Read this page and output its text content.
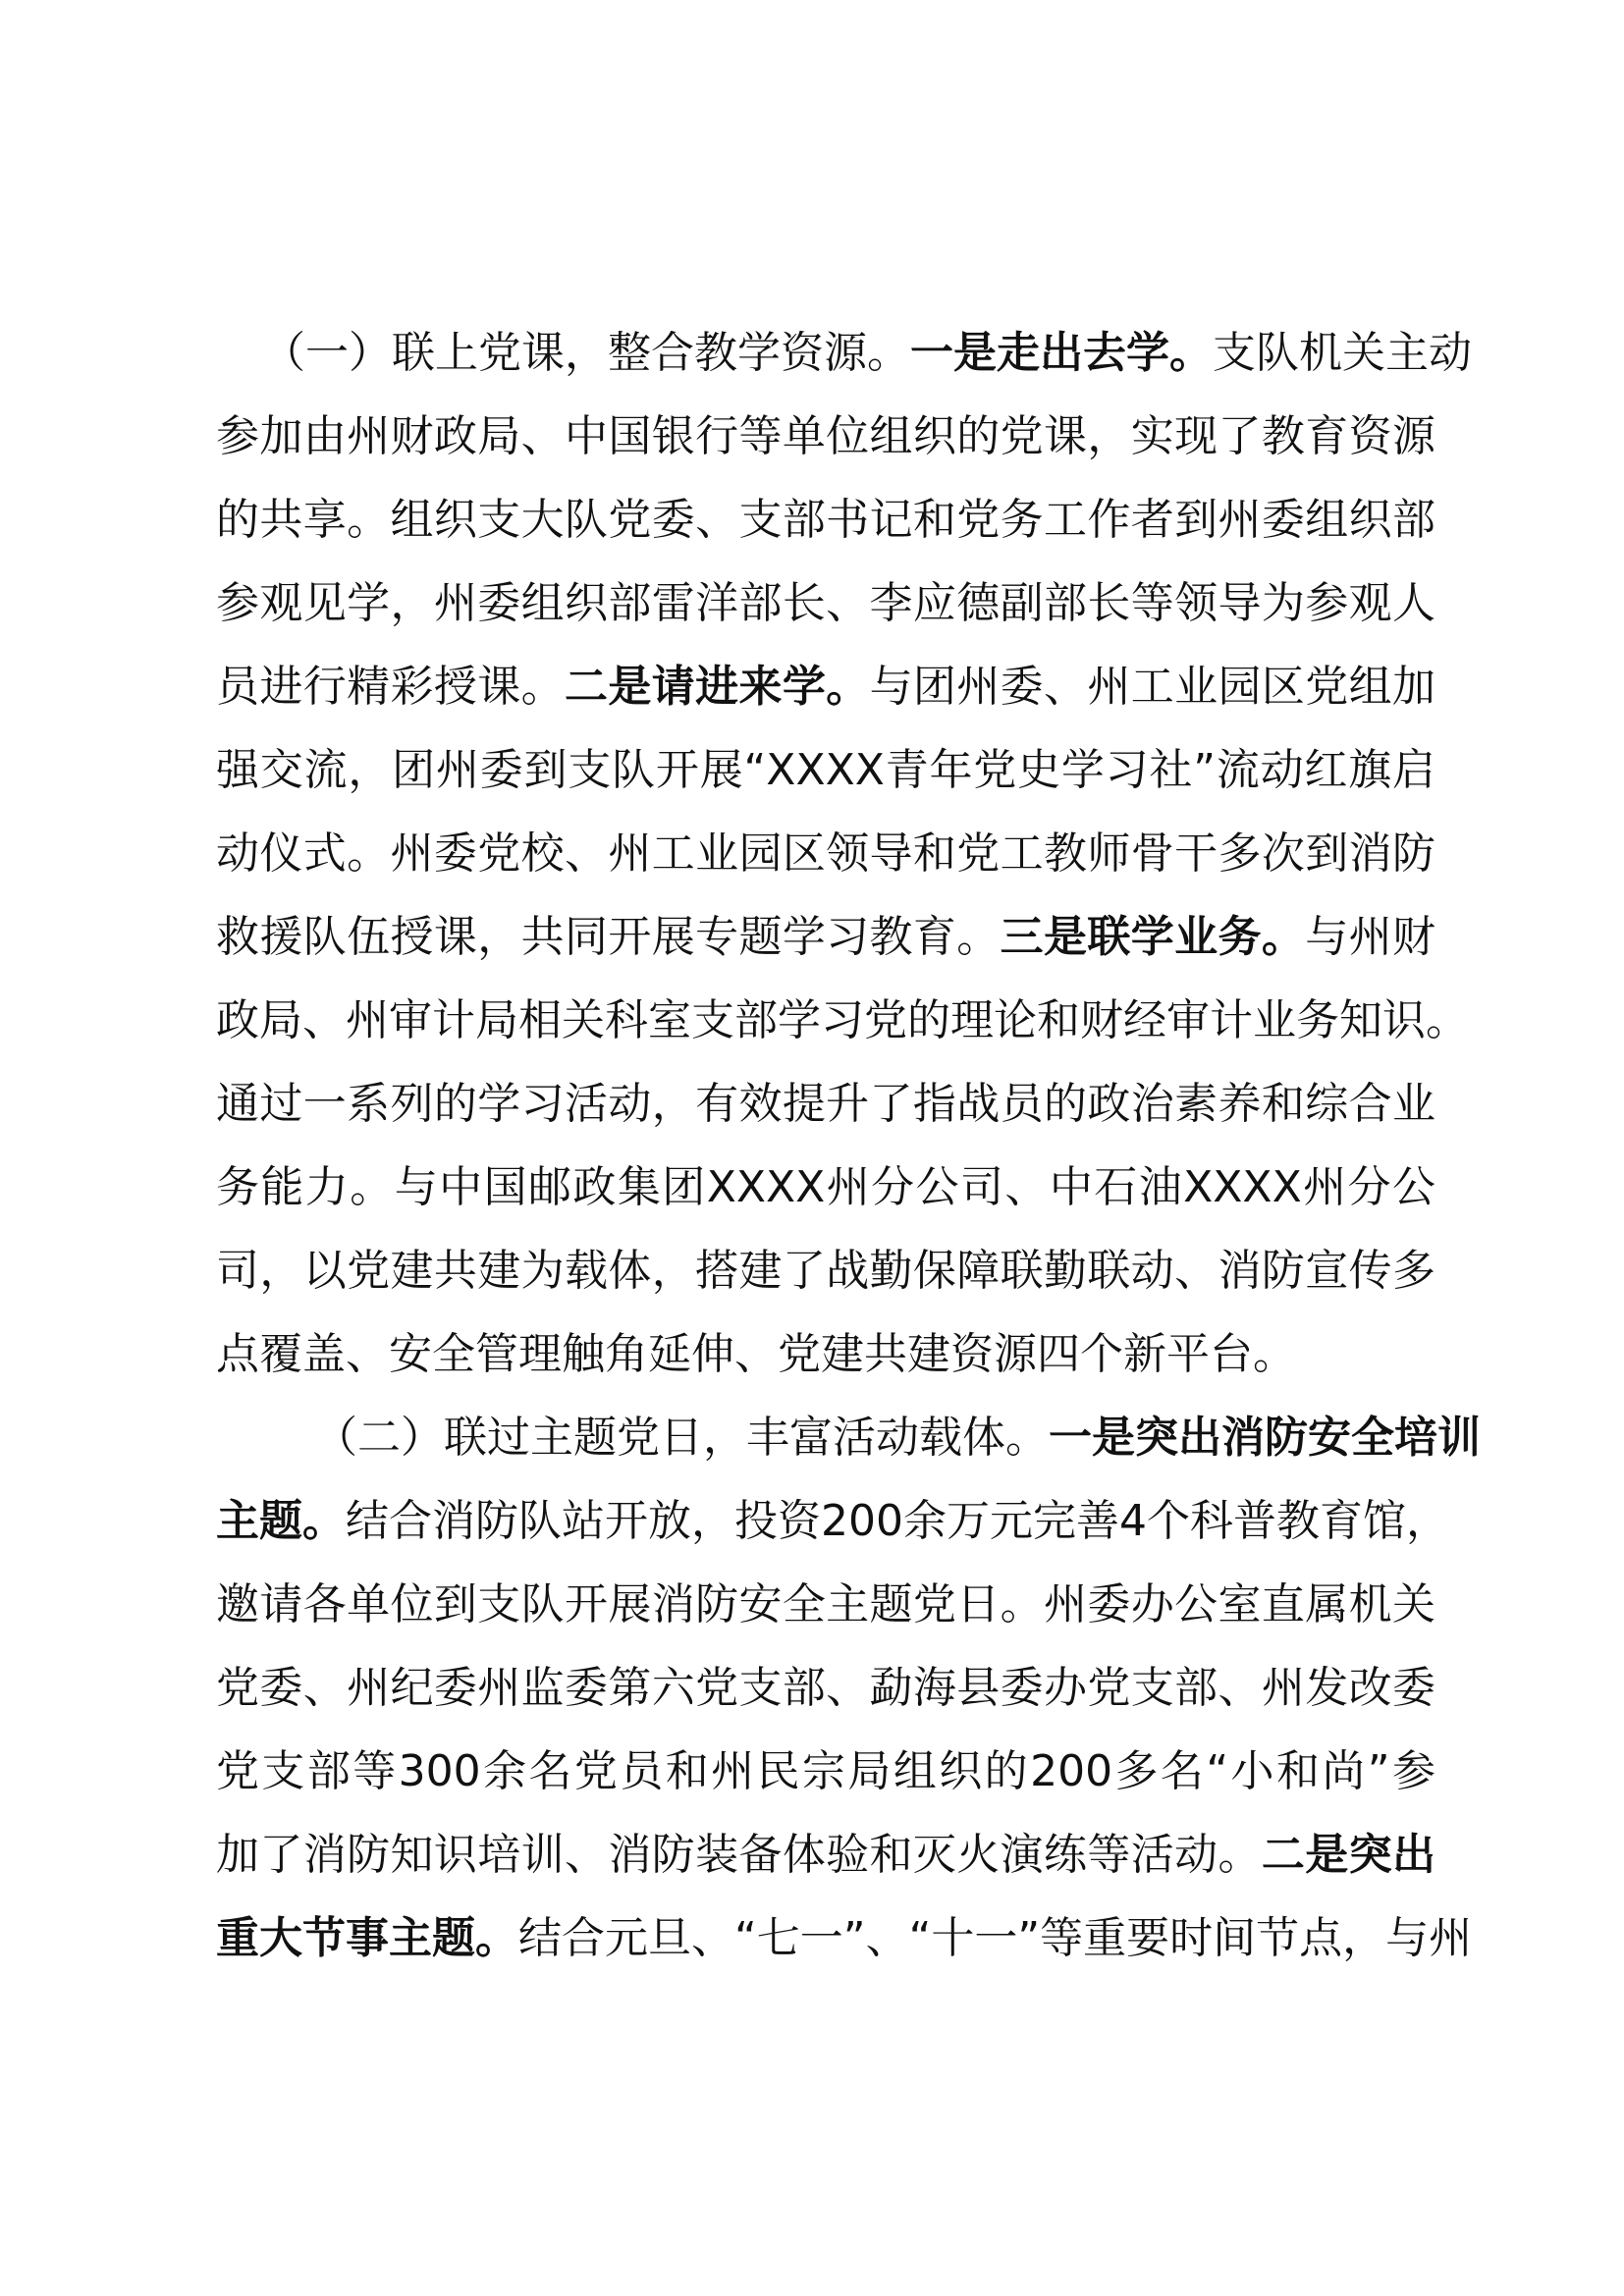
（一）联上党课，整合教学资源。一是走出去学。支队机关主动
参加由州财政局、中国银行等单位组织的党课，实现了教育资源
的共享。组织支大队党委、支部书记和党务工作者到州委组织部
参观见学，州委组织部雷洋部长、李应德副部长等领导为参观人
员进行精彩授课。二是请进来学。与团州委、州工业园区党组加
强交流，团州委到支队开展“XXXX青年党史学习社”流动红旗启
动仪式。州委党校、州工业园区领导和党工教师骨干多次到消防
救援队伍授课，共同开展专题学习教育。三是联学业务。与州财
政局、州审计局相关科室支部学习党的理论和财经审计业务知识。
通过一系列的学习活动，有效提升了指战员的政治素养和综合业
务能力。与中国邮政集团XXXX州分公司、中石油XXXX州分公
司，以党建共建为载体，搭建了战勤保障联勤联动、消防宣传多
点覆盖、安全管理触角延伸、党建共建资源四个新平台。
（二）联过主题党日，丰富活动载体。一是突出消防安全培训
主题。结合消防队站开放，投资200余万元完善4个科普教育馆，
邀请各单位到支队开展消防安全主题党日。州委办公室直属机关
党委、州纪委州监委第六党支部、勐海县委办党支部、州发改委
党支部等300余名党员和州民宗局组织的200多名“小和尚”参
加了消防知识培训、消防装备体验和灭火演练等活动。二是突出
重大节事主题。结合元旦、“七一”、“十一”等重要时间节点，与州
